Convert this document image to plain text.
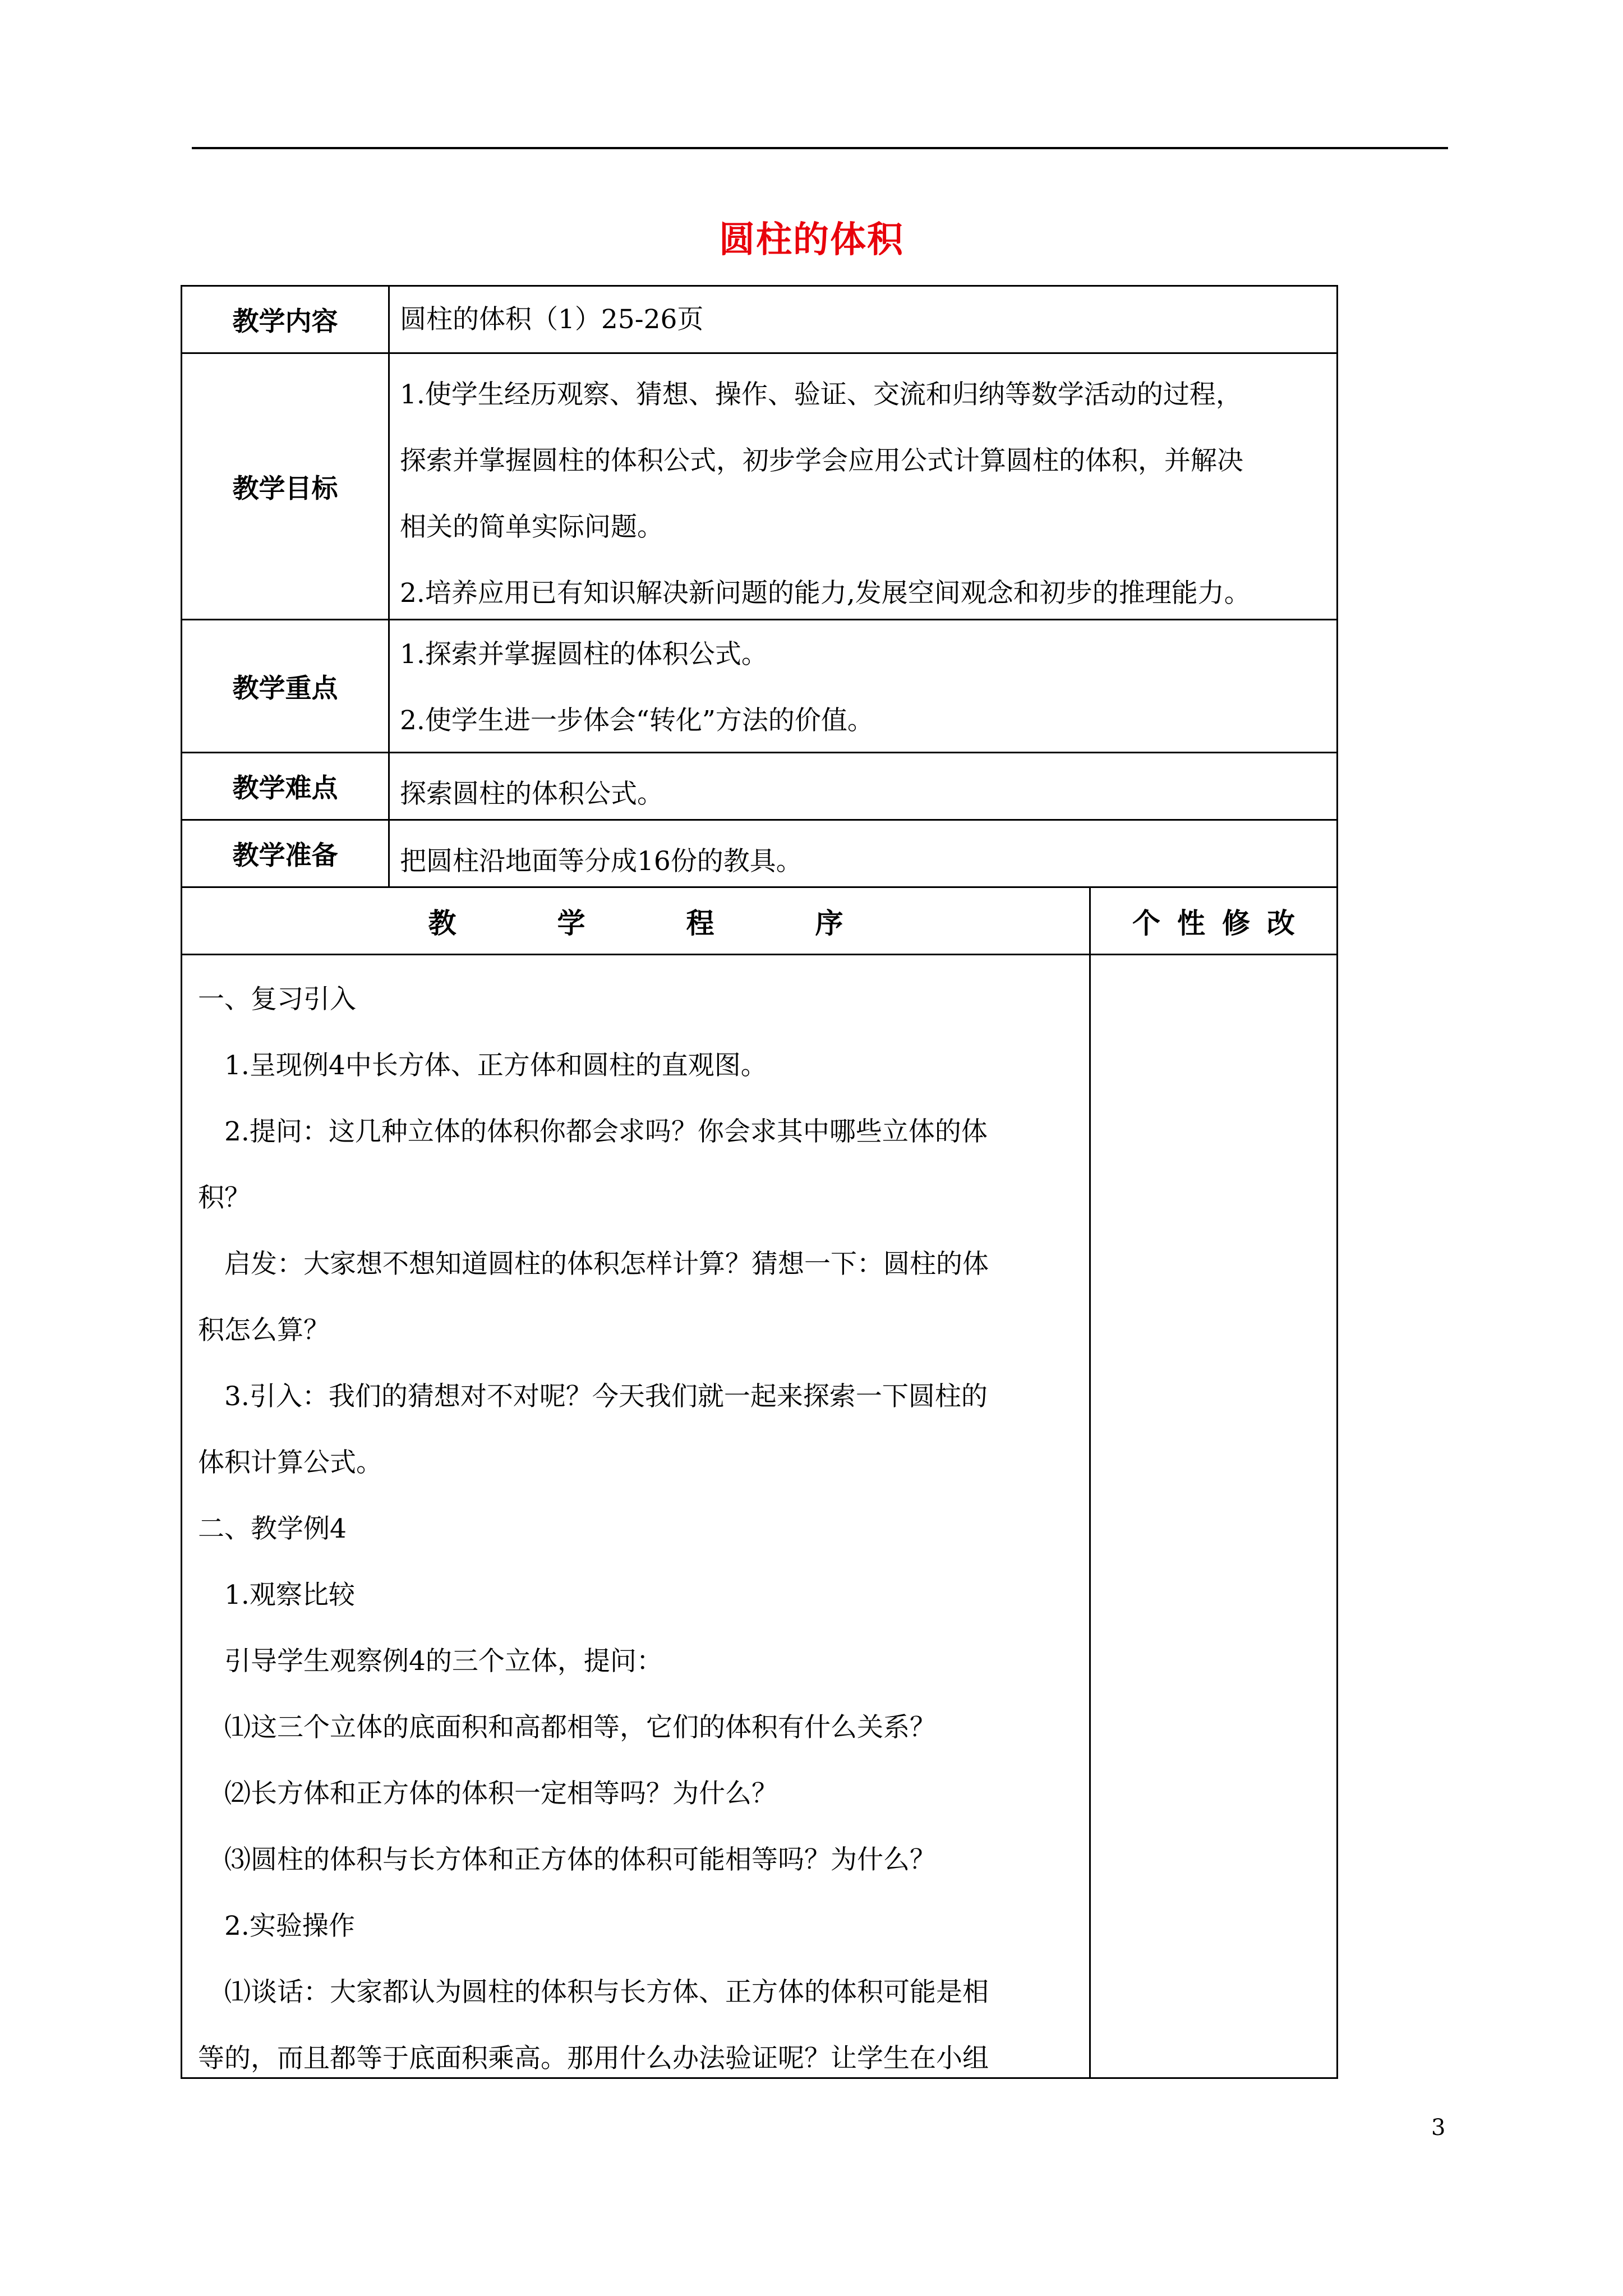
圆柱的体积
教学内容 圆柱的体积（1）25-26页
教学目标

1.使学生经历观察、猜想、操作、验证、交流和归纳等数学活动的过程，

探索并掌握圆柱的体积公式，初步学会应用公式计算圆柱的体积，并解决

相关的简单实际问题。

2.培养应用已有知识解决新问题的能力,发展空间观念和初步的推理能力。

教学重点

1.探索并掌握圆柱的体积公式。

2.使学生进一步体会“转化”方法的价值。

教学难点 探索圆柱的体积公式。
教学准备 把圆柱沿地面等分成16份的教具。
教学程序	个性修改

一、复习引入

1.呈现例4中长方体、正方体和圆柱的直观图。

2.提问：这几种立体的体积你都会求吗？你会求其中哪些立体的体

积？

启发：大家想不想知道圆柱的体积怎样计算？猜想一下：圆柱的体

积怎么算？

3.引入：我们的猜想对不对呢？今天我们就一起来探索一下圆柱的

体积计算公式。

二、教学例4

1.观察比较

引导学生观察例4的三个立体，提问：

⑴这三个立体的底面积和高都相等，它们的体积有什么关系？

⑵长方体和正方体的体积一定相等吗？为什么？

⑶圆柱的体积与长方体和正方体的体积可能相等吗？为什么？

2.实验操作

⑴谈话：大家都认为圆柱的体积与长方体、正方体的体积可能是相

等的，而且都等于底面积乘高。那用什么办法验证呢？让学生在小组

3
